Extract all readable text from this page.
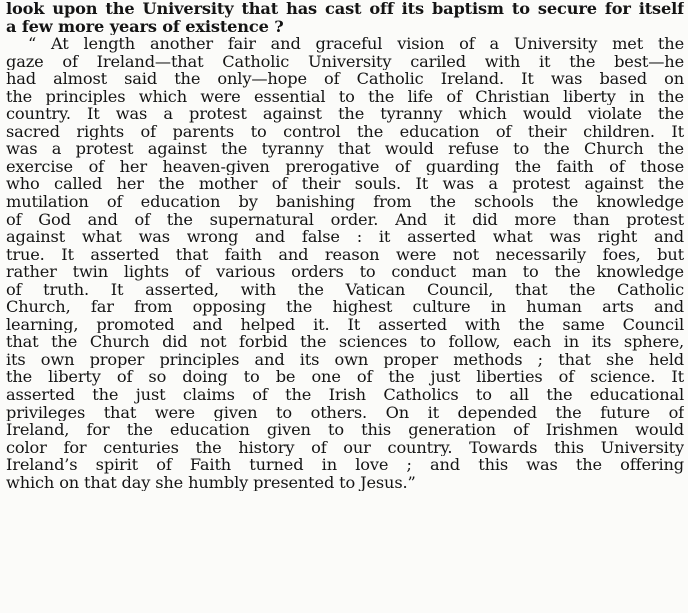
look upon the University that has cast off its baptism to secure for itself
a few more years of existence ?
“ At length another fair and graceful vision of a University met the
gaze of Ireland—that Catholic University cariled with it the best—he
had almost said the only—hope of Catholic Ireland. It was based on
the principles which were essential to the life of Christian liberty in the
country. It was a protest against the tyranny which would violate the
sacred rights of parents to control the education of their children. It
was a protest against the tyranny that would refuse to the Church the
exercise of her heaven-given prerogative of guarding the faith of those
who called her the mother of their souls. It was a protest against the
mutilation of education by banishing from the schools the knowledge
of God and of the supernatural order. And it did more than protest
against what was wrong and false : it asserted what was right and
true. It asserted that faith and reason were not necessarily foes, but
rather twin lights of various orders to conduct man to the knowledge
of truth. It asserted, with the Vatican Council, that the Catholic
Church, far from opposing the highest culture in human arts and
learning, promoted and helped it. It asserted with the same Council
that the Church did not forbid the sciences to follow, each in its sphere,
its own proper principles and its own proper methods ; that she held
the liberty of so doing to be one of the just liberties of science. It
asserted the just claims of the Irish Catholics to all the educational
privileges that were given to others. On it depended the future of
Ireland, for the education given to this generation of Irishmen would
color for centuries the history of our country. Towards this University
Ireland’s spirit of Faith turned in love ; and this was the offering
which on that day she humbly presented to Jesus.”
